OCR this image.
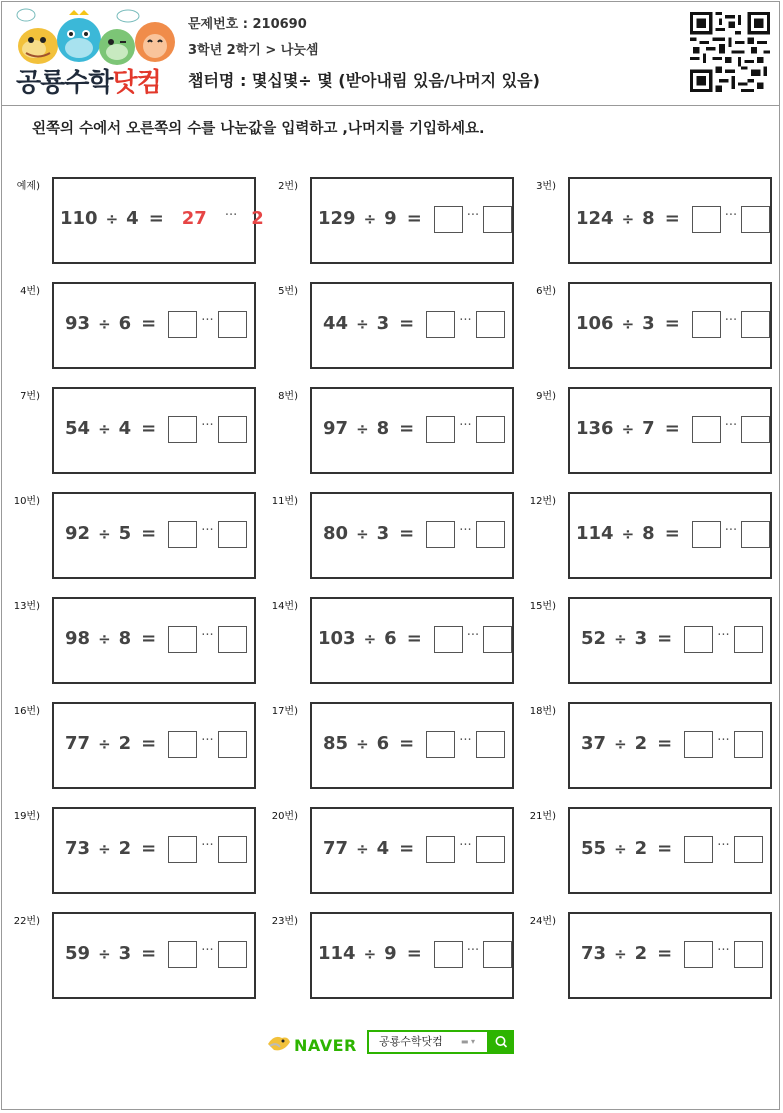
공룡수학닷컴
문제번호 : 210690
3학년 2학기 > 나눗셈
챕터명 : 몇십몇÷ 몇 (받아내림 있음/나머지 있음)
왼쪽의 수에서 오른쪽의 수를 나눈값을 입력하고 ,나머지를 기입하세요.
예제)
110 ÷ 4 = 27 ··· 2
2번)
129 ÷ 9 =	···
3번)
124 ÷ 8 =	···
4번)
93 ÷ 6 =	···
5번)
44 ÷ 3 =	···
6번)
106 ÷ 3 =	···
7번)
54 ÷ 4 =	···
8번)
97 ÷ 8 =	···
9번)
136 ÷ 7 =	···
10번)
92 ÷ 5 =	···
11번)
80 ÷ 3 =	···
12번)
114 ÷ 8 =	···
13번)
98 ÷ 8 =	···
14번)
103 ÷ 6 =	···
15번)
52 ÷ 3 =	···
16번)
77 ÷ 2 =	···
17번)
85 ÷ 6 =	···
18번)
37 ÷ 2 =	···
19번)
73 ÷ 2 =	···
20번)
77 ÷ 4 =	···
21번)
55 ÷ 2 =	···
22번)
59 ÷ 3 =	···
23번)
114 ÷ 9 =	···
24번)
73 ÷ 2 =	···
NAVER	공룡수학닷컴 ▬ ▾
